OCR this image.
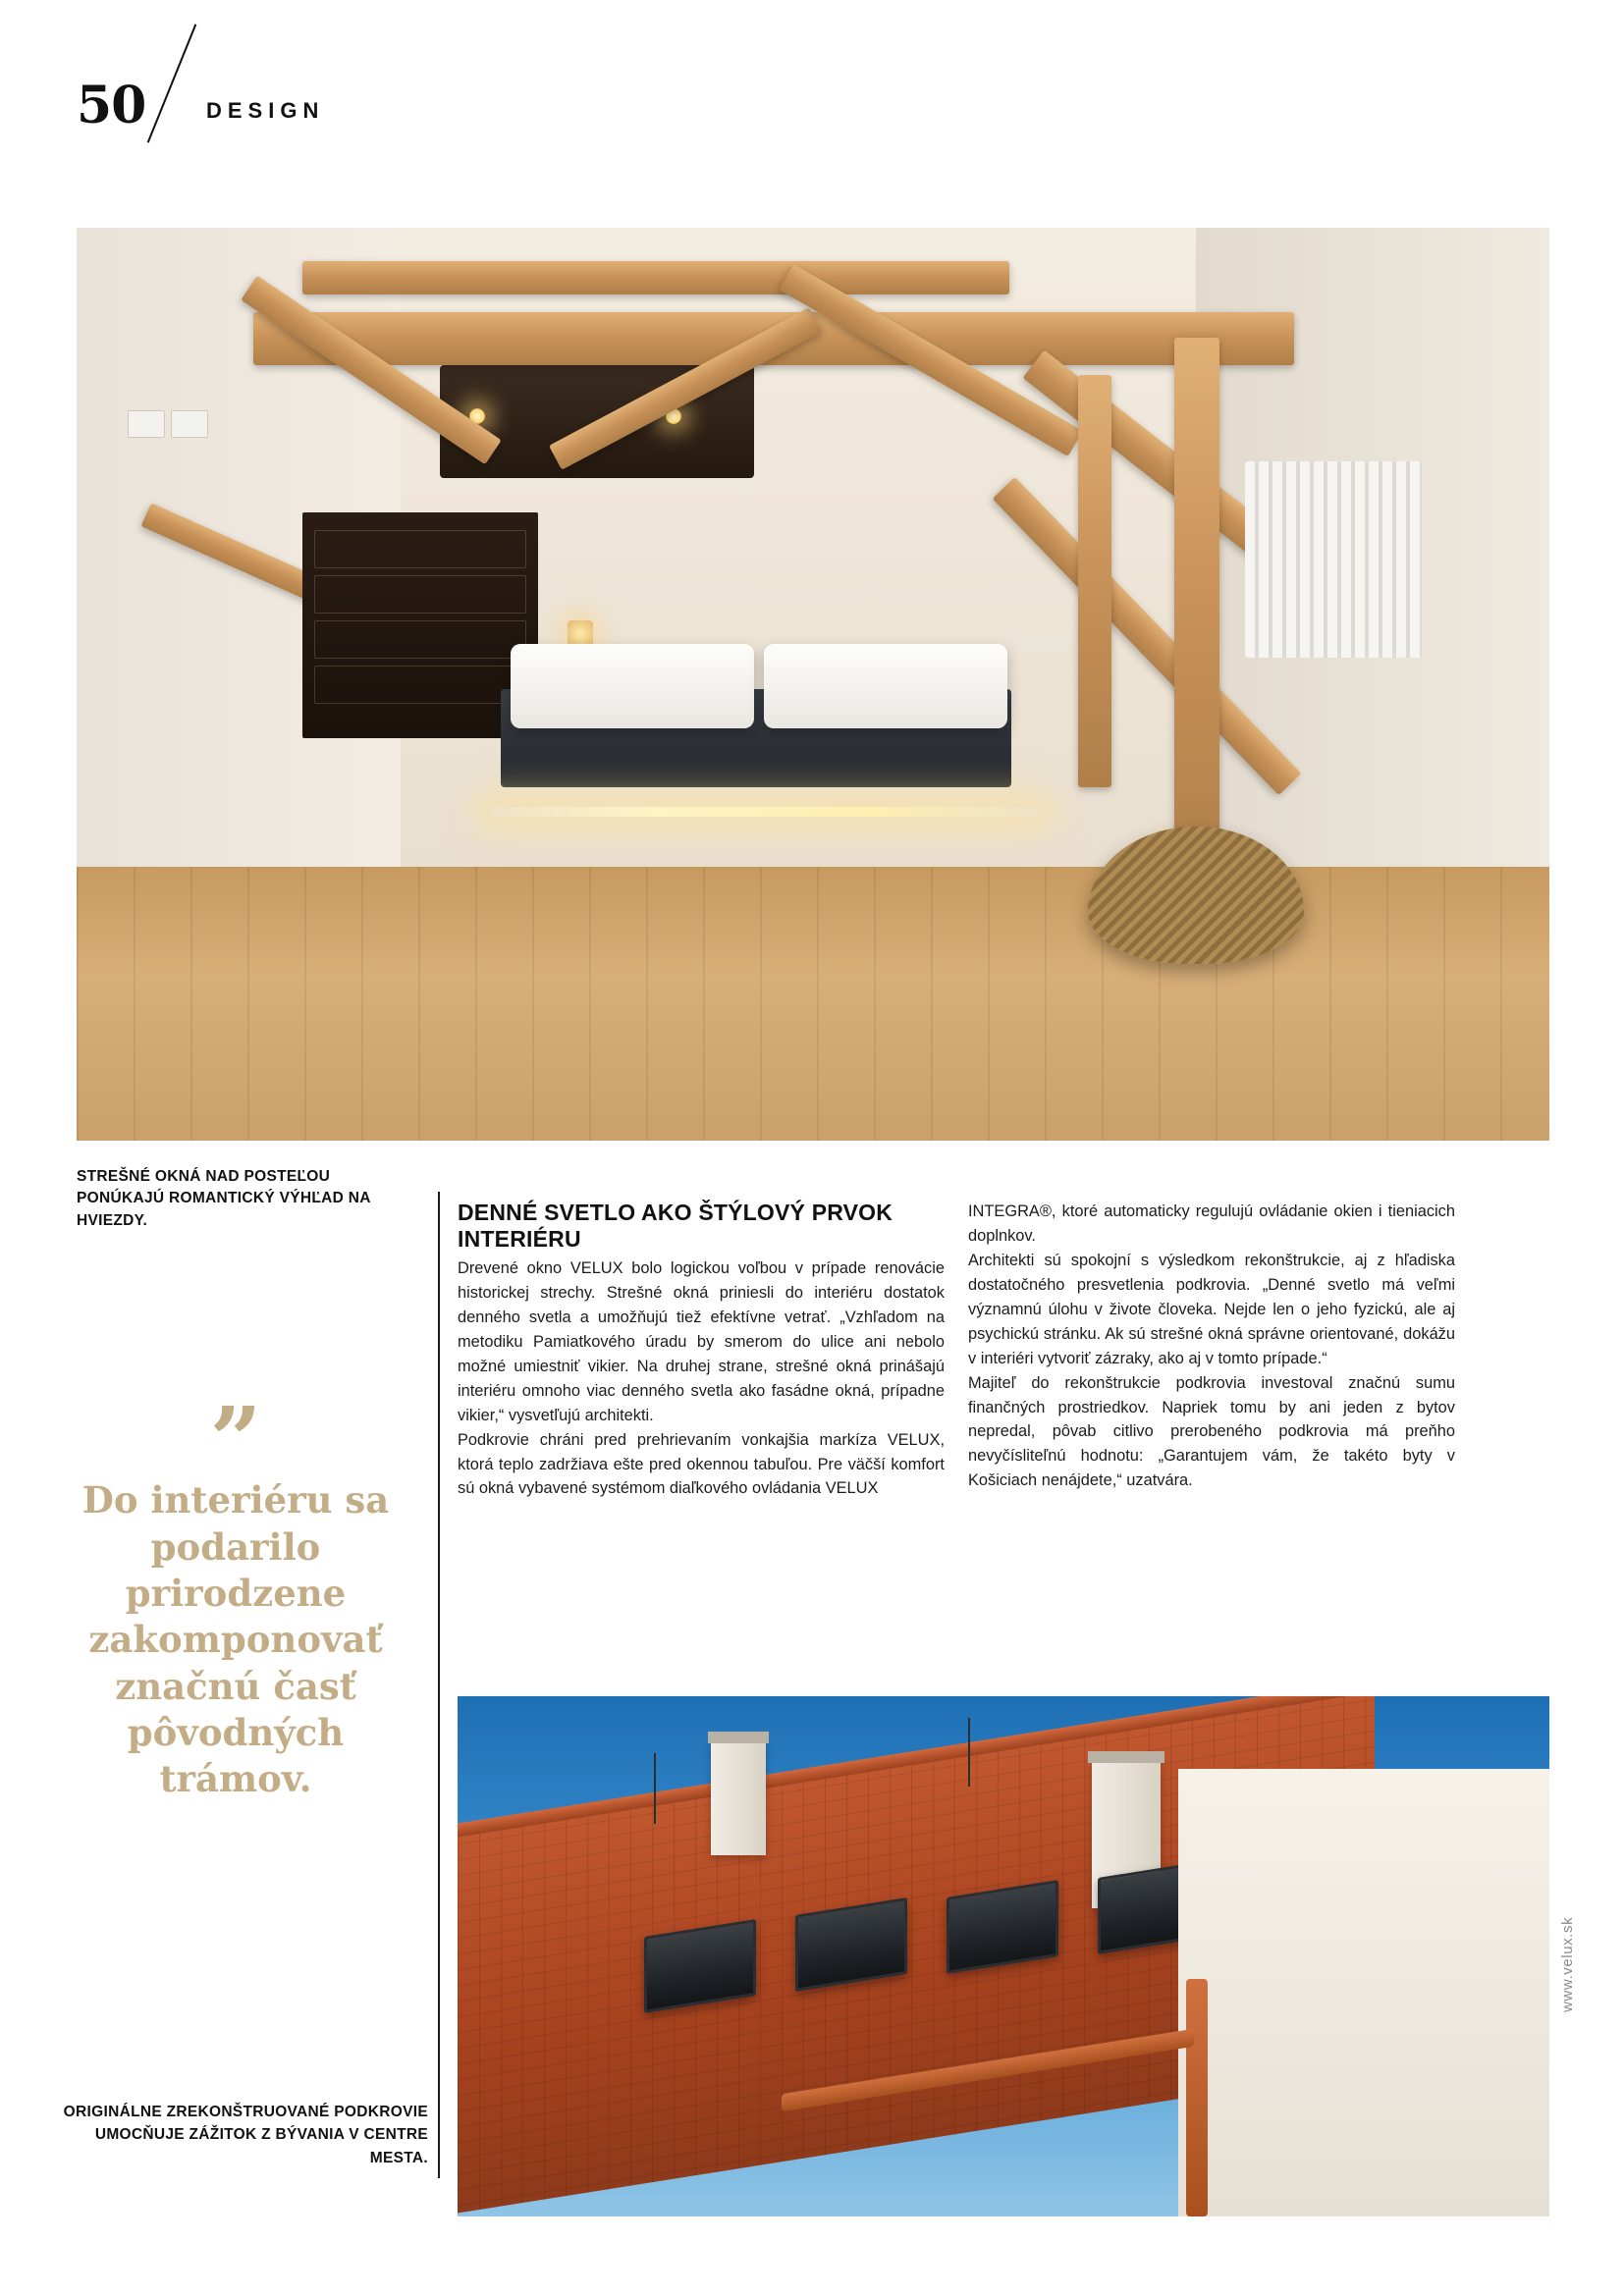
50	DESIGN
STREŠNÉ OKNÁ NAD POSTEĽOU PONÚKAJÚ ROMANTICKÝ VÝHĽAD NA HVIEZDY.
”
Do interiéru sa podarilo prirodzene zakomponovať značnú časť pôvodných trámov.
DENNÉ SVETLO AKO ŠTÝLOVÝ PRVOK INTERIÉRU

Drevené okno VELUX bolo logickou voľbou v prípade renovácie historickej strechy. Strešné okná priniesli do interiéru dostatok denného svetla a umožňujú tiež efektívne vetrať. „Vzhľadom na metodiku Pamiatkového úradu by smerom do ulice ani nebolo možné umiestniť vikier. Na druhej strane, strešné okná prinášajú interiéru omnoho viac denného svetla ako fasádne okná, prípadne vikier,“ vysvetľujú architekti.

Podkrovie chráni pred prehrievaním vonkajšia markíza VELUX, ktorá teplo zadržiava ešte pred okennou tabuľou. Pre väčší komfort sú okná vybavené systémom diaľkového ovládania VELUX

INTEGRA®, ktoré automaticky regulujú ovládanie okien i tieniacich doplnkov.

Architekti sú spokojní s výsledkom rekonštrukcie, aj z hľadiska dostatočného presvetlenia podkrovia. „Denné svetlo má veľmi významnú úlohu v živote človeka. Nejde len o jeho fyzickú, ale aj psychickú stránku. Ak sú strešné okná správne orientované, dokážu v interiéri vytvoriť zázraky, ako aj v tomto prípade.“

Majiteľ do rekonštrukcie podkrovia investoval značnú sumu finančných prostriedkov. Napriek tomu by ani jeden z bytov nepredal, pôvab citlivo prerobeného podkrovia má preňho nevyčísliteľnú hodnotu: „Garantujem vám, že takéto byty v Košiciach nenájdete,“ uzatvára.

ORIGINÁLNE ZREKONŠTRUOVANÉ PODKROVIE UMOCŇUJE ZÁŽITOK Z BÝVANIA V CENTRE MESTA.
www.velux.sk
